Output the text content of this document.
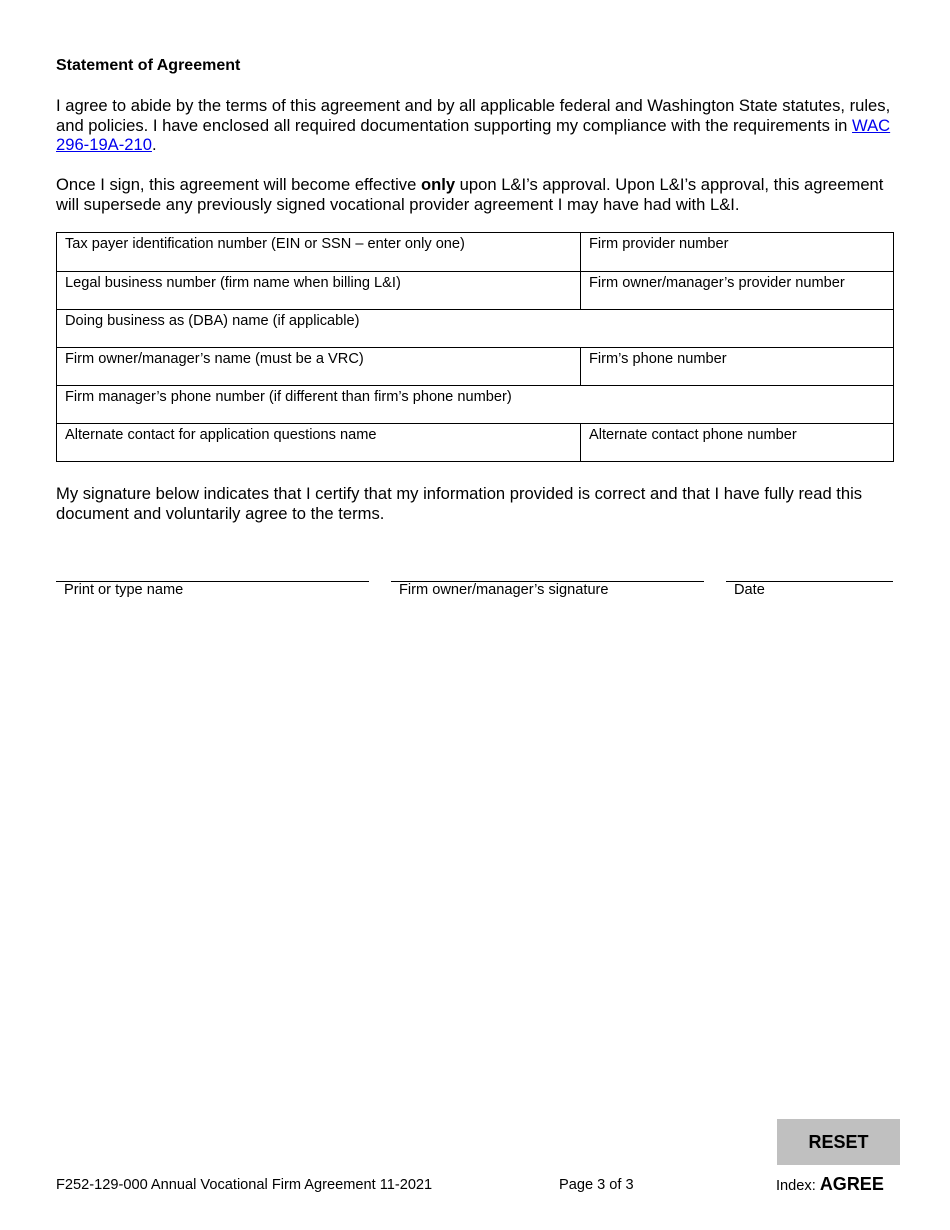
Statement of Agreement
I agree to abide by the terms of this agreement and by all applicable federal and Washington State statutes, rules, and policies. I have enclosed all required documentation supporting my compliance with the requirements in WAC 296-19A-210.
Once I sign, this agreement will become effective only upon L&I’s approval. Upon L&I’s approval, this agreement will supersede any previously signed vocational provider agreement I may have had with L&I.
Tax payer identification number (EIN or SSN – enter only one)	Firm provider number
Legal business number (firm name when billing L&I)	Firm owner/manager’s provider number
Doing business as (DBA) name (if applicable)
Firm owner/manager’s name (must be a VRC)	Firm’s phone number
Firm manager’s phone number (if different than firm’s phone number)
Alternate contact for application questions name	Alternate contact phone number
My signature below indicates that I certify that my information provided is correct and that I have fully read this document and voluntarily agree to the terms.
Print or type name	Firm owner/manager’s signature	Date
RESET
F252-129-000 Annual Vocational Firm Agreement 11-2021	Page 3 of 3	Index: AGREE
